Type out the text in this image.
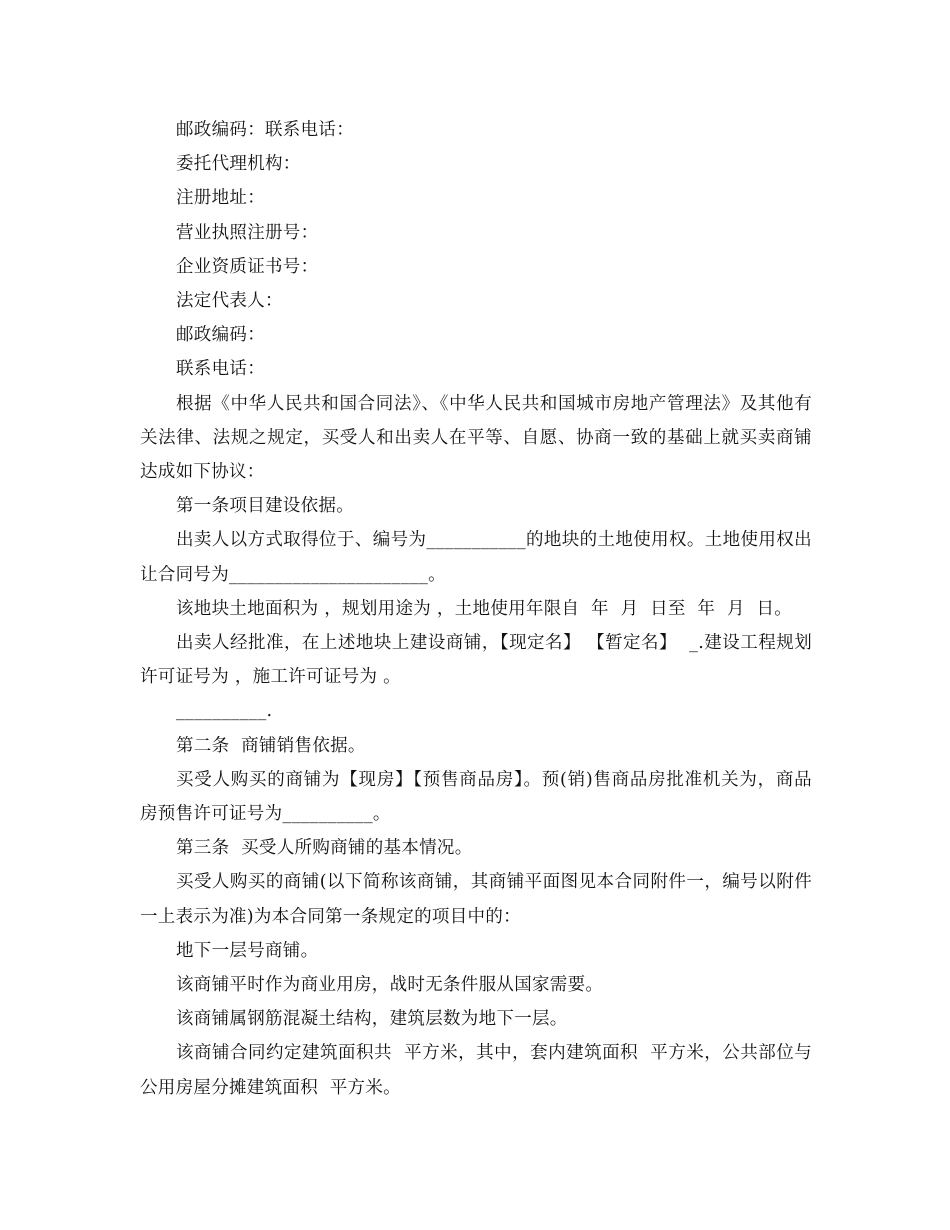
邮政编码：联系电话：

委托代理机构：

注册地址：

营业执照注册号：

企业资质证书号：

法定代表人：

邮政编码：

联系电话：

根据《中华人民共和国合同法》、《中华人民共和国城市房地产管理法》及其他有关法律、法规之规定，买受人和出卖人在平等、自愿、协商一致的基础上就买卖商铺达成如下协议：

第一条项目建设依据。

出卖人以方式取得位于、编号为___________的地块的土地使用权。土地使用权出让合同号为______________________。

该地块土地面积为 ，规划用途为 ，土地使用年限自  年  月  日至  年  月  日。

出卖人经批准，在上述地块上建设商铺，【现定名】 【暂定名】  _.建设工程规划许可证号为 ，施工许可证号为 。

__________.

第二条  商铺销售依据。

买受人购买的商铺为【现房】【预售商品房】。预(销)售商品房批准机关为，商品房预售许可证号为__________。

第三条  买受人所购商铺的基本情况。

买受人购买的商铺(以下简称该商铺，其商铺平面图见本合同附件一，编号以附件一上表示为准)为本合同第一条规定的项目中的：

地下一层号商铺。

该商铺平时作为商业用房，战时无条件服从国家需要。

该商铺属钢筋混凝土结构，建筑层数为地下一层。

该商铺合同约定建筑面积共  平方米，其中，套内建筑面积  平方米，公共部位与公用房屋分摊建筑面积  平方米。
